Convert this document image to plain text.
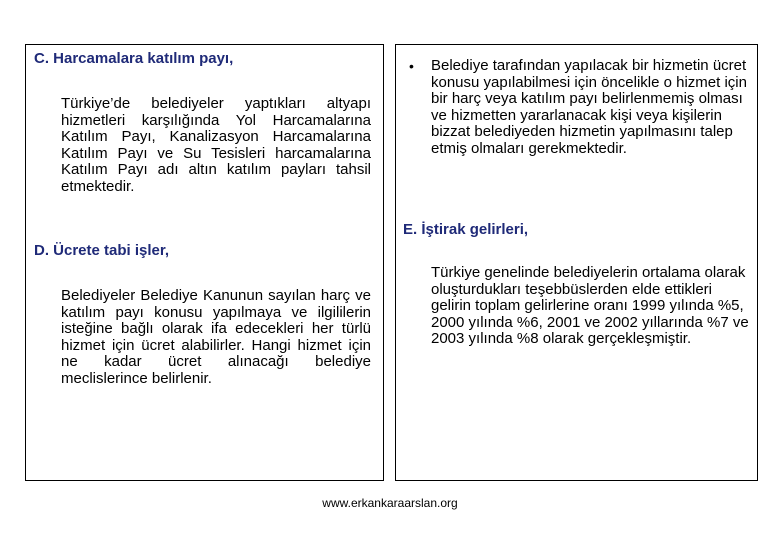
C. Harcamalara katılım payı,

Türkiye’de belediyeler yaptıkları altyapı hizmetleri karşılığında Yol Harcamalarına Katılım Payı, Kanalizasyon Harcamalarına Katılım Payı ve Su Tesisleri harcamalarına Katılım Payı adı altın katılım payları tahsil etmektedir.

D. Ücrete tabi işler,

Belediyeler Belediye Kanunun sayılan harç ve katılım payı konusu yapılmaya ve ilgililerin isteğine bağlı olarak ifa edecekleri her türlü hizmet için ücret alabilirler. Hangi hizmet için ne kadar ücret alınacağı belediye meclislerince belirlenir.

• Belediye tarafından yapılacak bir hizmetin ücret konusu yapılabilmesi için öncelikle o hizmet için bir harç veya katılım payı belirlenmemiş olması ve hizmetten yararlanacak kişi veya kişilerin bizzat belediyeden hizmetin yapılmasını talep etmiş olmaları gerekmektedir.

E. İştirak gelirleri,

Türkiye genelinde belediyelerin ortalama olarak oluşturdukları teşebbüslerden elde ettikleri gelirin toplam gelirlerine oranı 1999 yılında %5, 2000 yılında %6, 2001 ve 2002 yıllarında %7 ve 2003 yılında %8 olarak gerçekleşmiştir.

www.erkankaraarslan.org
